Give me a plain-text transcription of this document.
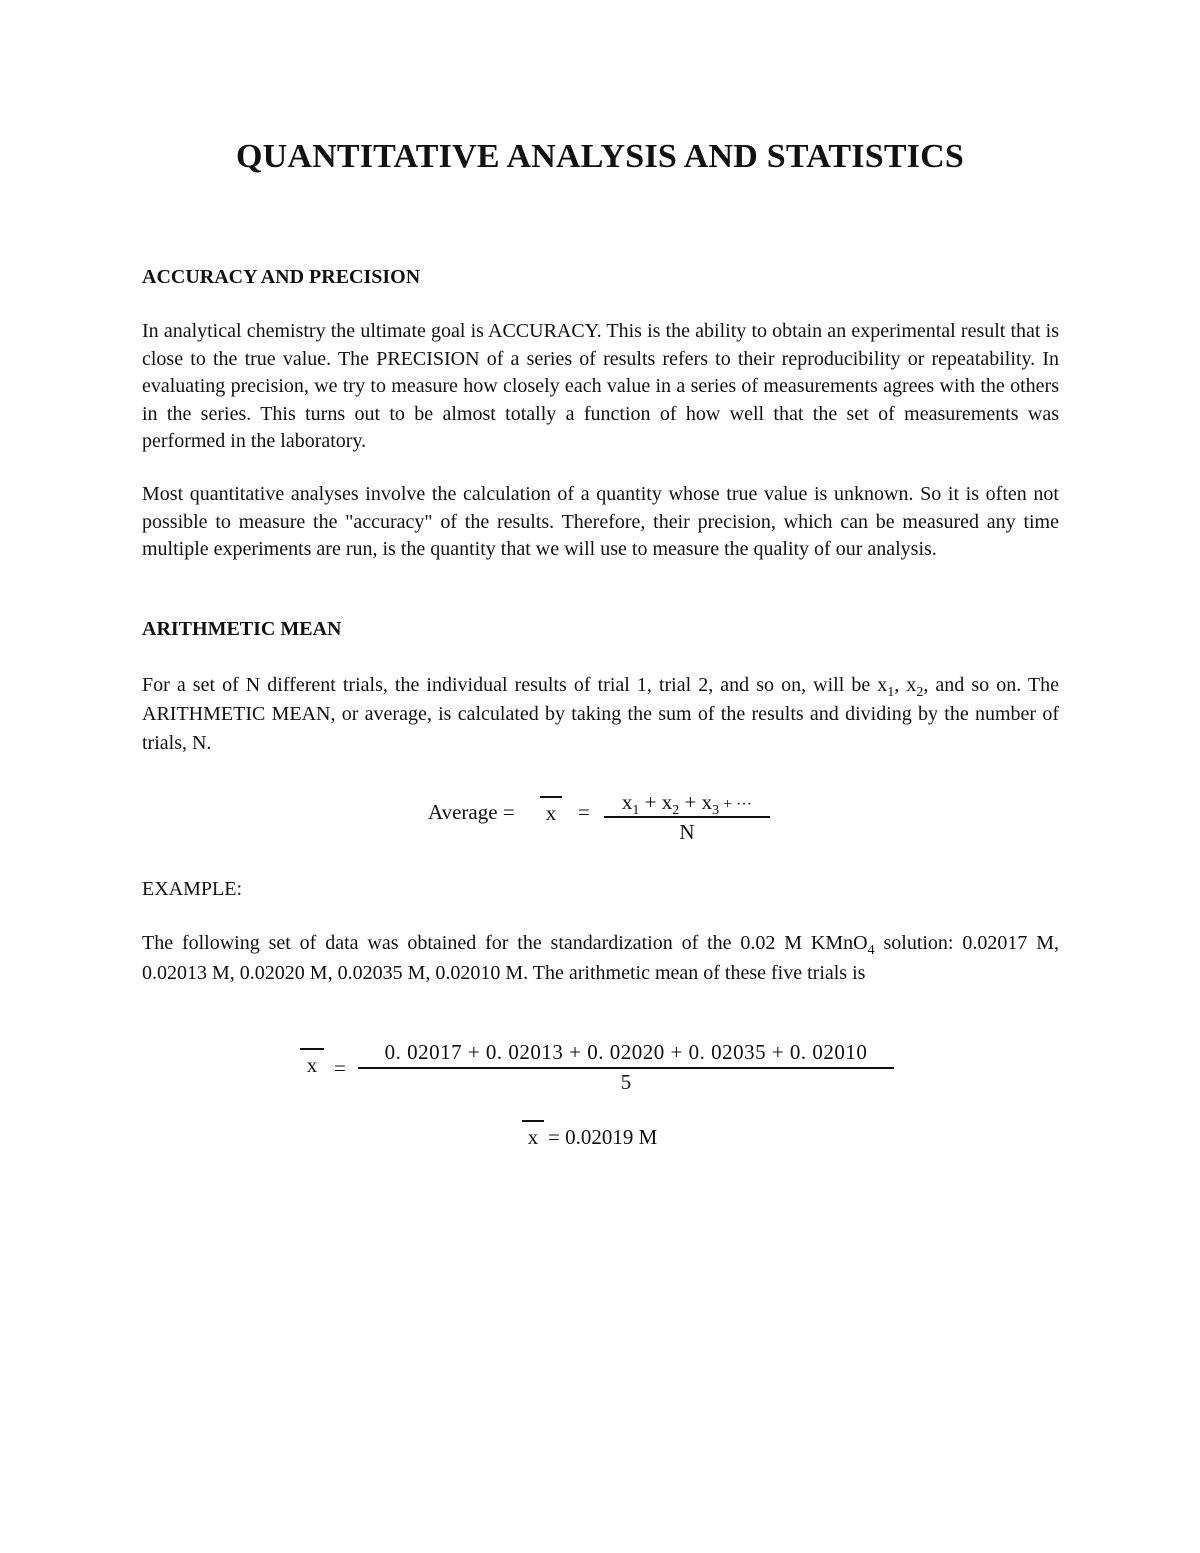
QUANTITATIVE ANALYSIS AND STATISTICS
ACCURACY AND PRECISION

In analytical chemistry the ultimate goal is ACCURACY. This is the ability to obtain an experimental result that is close to the true value. The PRECISION of a series of results refers to their reproducibility or repeatability. In evaluating precision, we try to measure how closely each value in a series of measurements agrees with the others in the series. This turns out to be almost totally a function of how well that the set of measurements was performed in the laboratory.

Most quantitative analyses involve the calculation of a quantity whose true value is unknown. So it is often not possible to measure the "accuracy" of the results. Therefore, their precision, which can be measured any time multiple experiments are run, is the quantity that we will use to measure the quality of our analysis.

ARITHMETIC MEAN

For a set of N different trials, the individual results of trial 1, trial 2, and so on, will be $x_1$, $x_2$, and so on. The ARITHMETIC MEAN, or average, is calculated by taking the sum of the results and dividing by the number of trials, N.

Average = x =	$x_1 + x_2 + x_3$ + ···
N
EXAMPLE:

The following set of data was obtained for the standardization of the 0.02 M KMnO$_4$ solution: 0.02017 M, 0.02013 M, 0.02020 M, 0.02035 M, 0.02010 M. The arithmetic mean of these five trials is

x =
0. 02017 + 0. 02013 + 0. 02020 + 0. 02035 + 0. 02010
5
x = 0.02019 M
